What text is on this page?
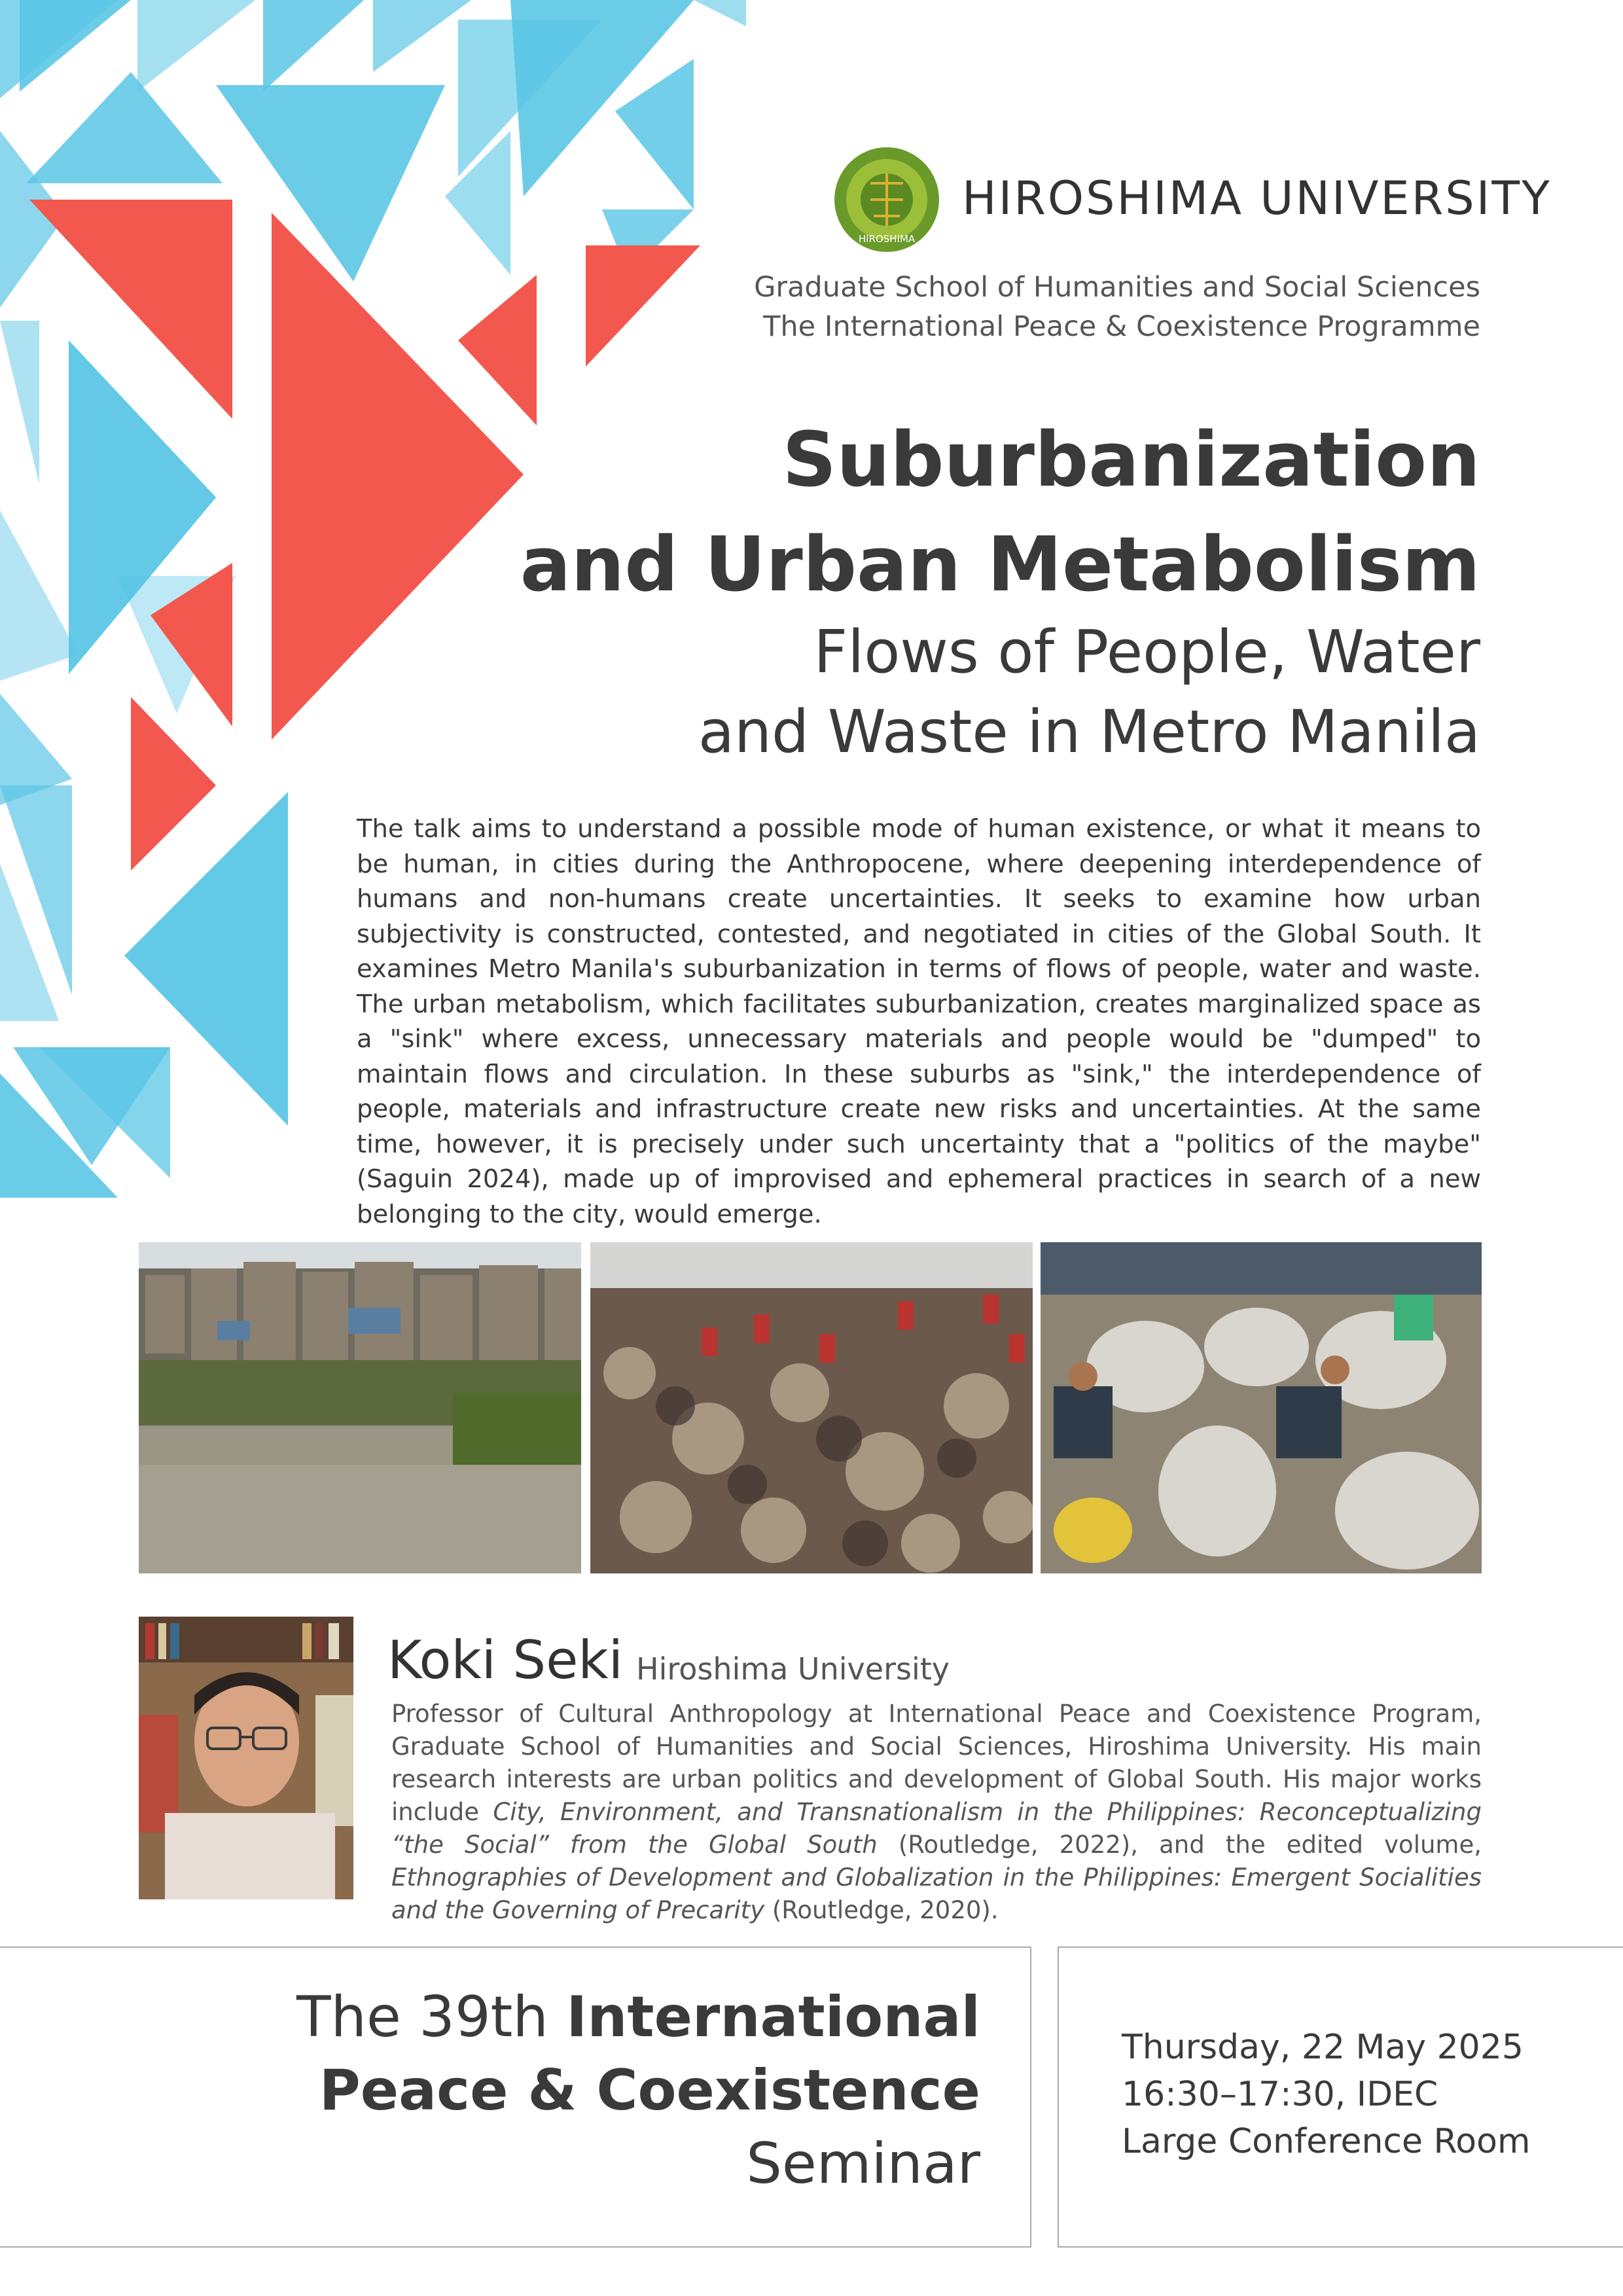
HIROSHIMA
HIROSHIMA UNIVERSITY
Graduate School of Humanities and Social Sciences
The International Peace & Coexistence Programme
Suburbanization
and Urban Metabolism
Flows of People, Water
and Waste in Metro Manila
The talk aims to understand a possible mode of human existence, or what it means to be human, in cities during the Anthropocene, where deepening interdependence of humans and non-humans create uncertainties. It seeks to examine how urban subjectivity is constructed, contested, and negotiated in cities of the Global South. It examines Metro Manila's suburbanization in terms of flows of people, water and waste. The urban metabolism, which facilitates suburbanization, creates marginalized space as a "sink" where excess, unnecessary materials and people would be "dumped" to maintain flows and circulation. In these suburbs as "sink," the interdependence of people, materials and infrastructure create new risks and uncertainties. At the same time, however, it is precisely under such uncertainty that a "politics of the maybe" (Saguin 2024), made up of improvised and ephemeral practices in search of a new belonging to the city, would emerge.
Koki Seki Hiroshima University
Professor of Cultural Anthropology at International Peace and Coexistence Program, Graduate School of Humanities and Social Sciences, Hiroshima University. His main research interests are urban politics and development of Global South. His major works include City, Environment, and Transnationalism in the Philippines: Reconceptualizing “the Social” from the Global South (Routledge, 2022), and the edited volume, Ethnographies of Development and Globalization in the Philippines: Emergent Socialities and the Governing of Precarity (Routledge, 2020).
The 39th International
Peace & Coexistence
Seminar
Thursday, 22 May 2025
16:30–17:30, IDEC
Large Conference Room
